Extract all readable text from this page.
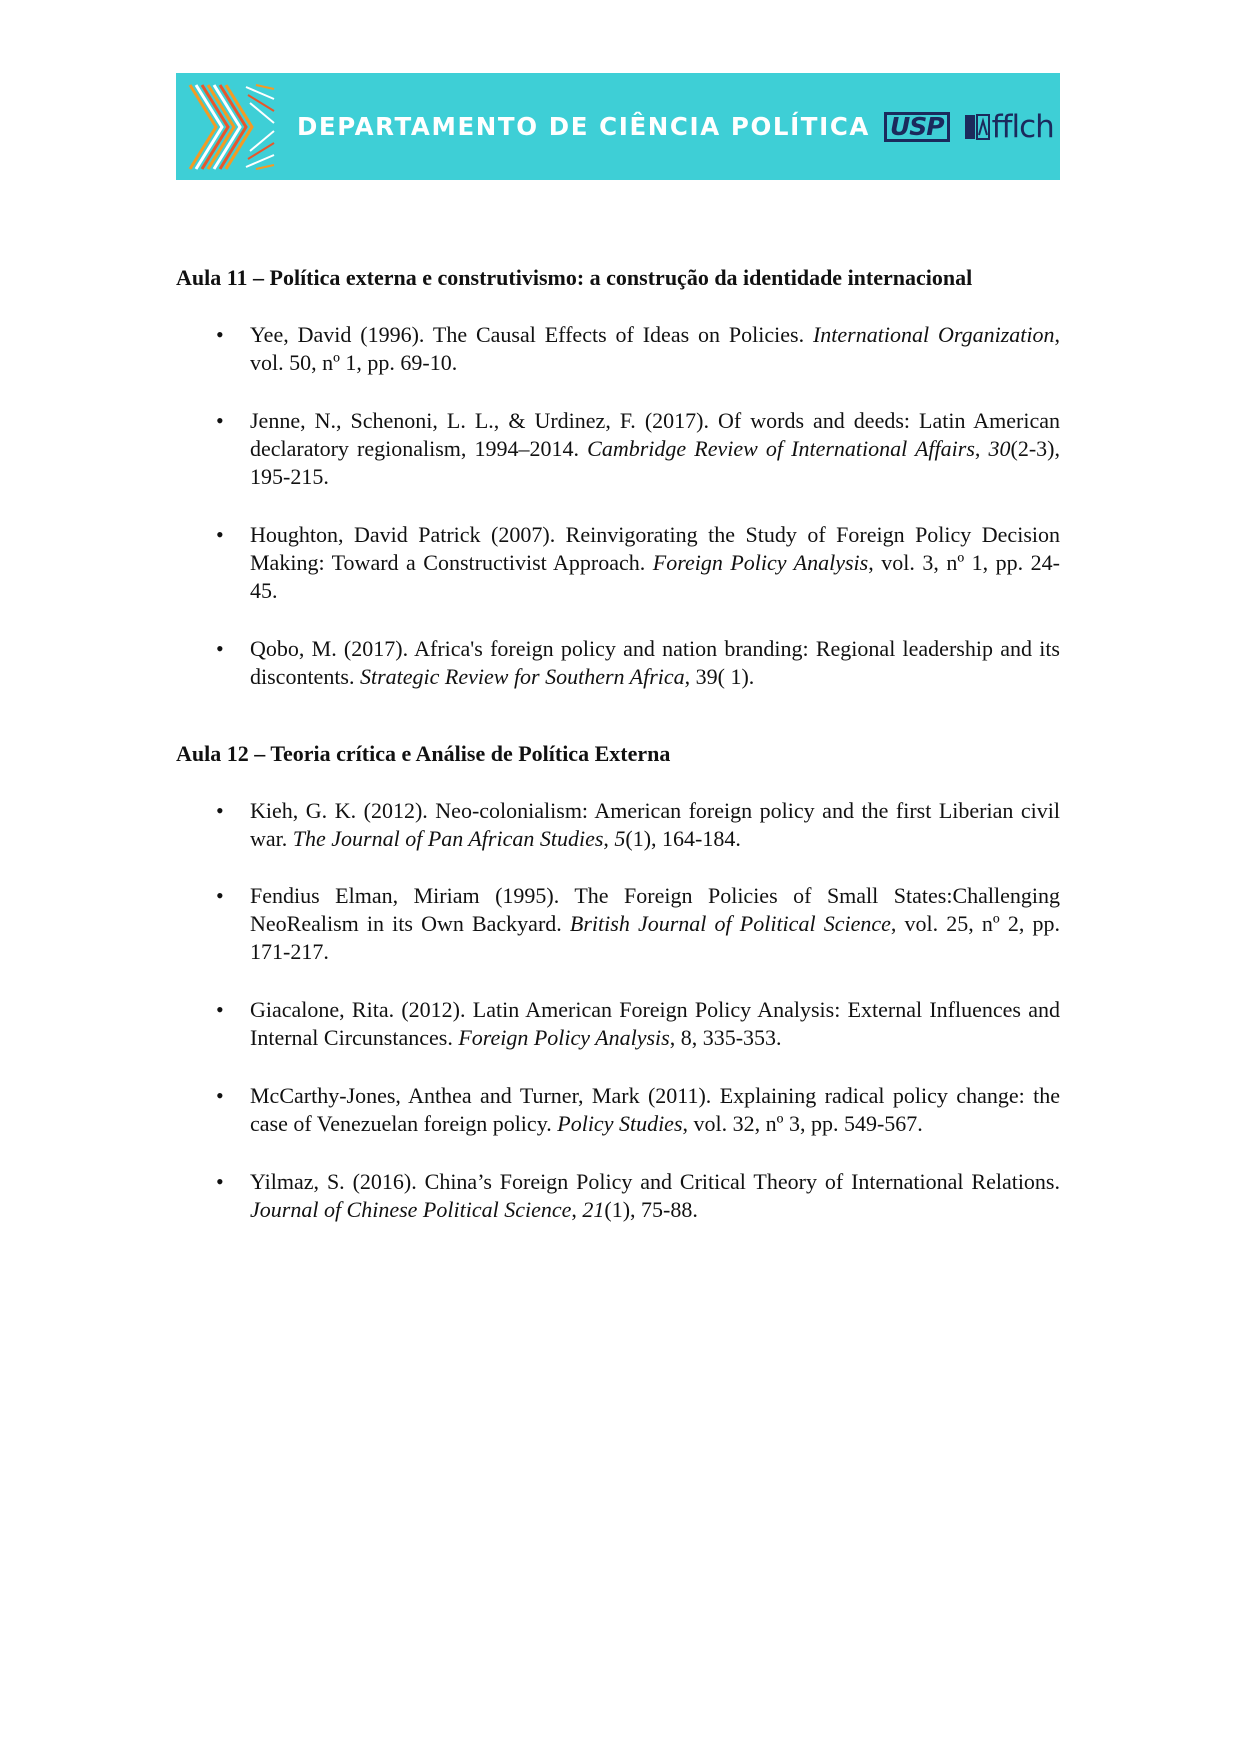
DEPARTAMENTO DE CIÊNCIA POLÍTICA USP fflch
Aula 11 – Política externa e construtivismo: a construção da identidade internacional
• Yee, David (1996). The Causal Effects of Ideas on Policies. International Organization, vol. 50, nº 1, pp. 69-10.
• Jenne, N., Schenoni, L. L., & Urdinez, F. (2017). Of words and deeds: Latin American declaratory regionalism, 1994–2014. Cambridge Review of International Affairs, 30(2-3), 195-215.
• Houghton, David Patrick (2007). Reinvigorating the Study of Foreign Policy Decision Making: Toward a Constructivist Approach. Foreign Policy Analysis, vol. 3, nº 1, pp. 24-45.
• Qobo, M. (2017). Africa's foreign policy and nation branding: Regional leadership and its discontents. Strategic Review for Southern Africa, 39( 1).
Aula 12 – Teoria crítica e Análise de Política Externa
• Kieh, G. K. (2012). Neo-colonialism: American foreign policy and the first Liberian civil war. The Journal of Pan African Studies, 5(1), 164-184.
• Fendius Elman, Miriam (1995). The Foreign Policies of Small States:Challenging NeoRealism in its Own Backyard. British Journal of Political Science, vol. 25, nº 2, pp. 171-217.
• Giacalone, Rita. (2012). Latin American Foreign Policy Analysis: External Influences and Internal Circunstances. Foreign Policy Analysis, 8, 335-353.
• McCarthy-Jones, Anthea and Turner, Mark (2011). Explaining radical policy change: the case of Venezuelan foreign policy. Policy Studies, vol. 32, nº 3, pp. 549-567.
• Yilmaz, S. (2016). China’s Foreign Policy and Critical Theory of International Relations. Journal of Chinese Political Science, 21(1), 75-88.
